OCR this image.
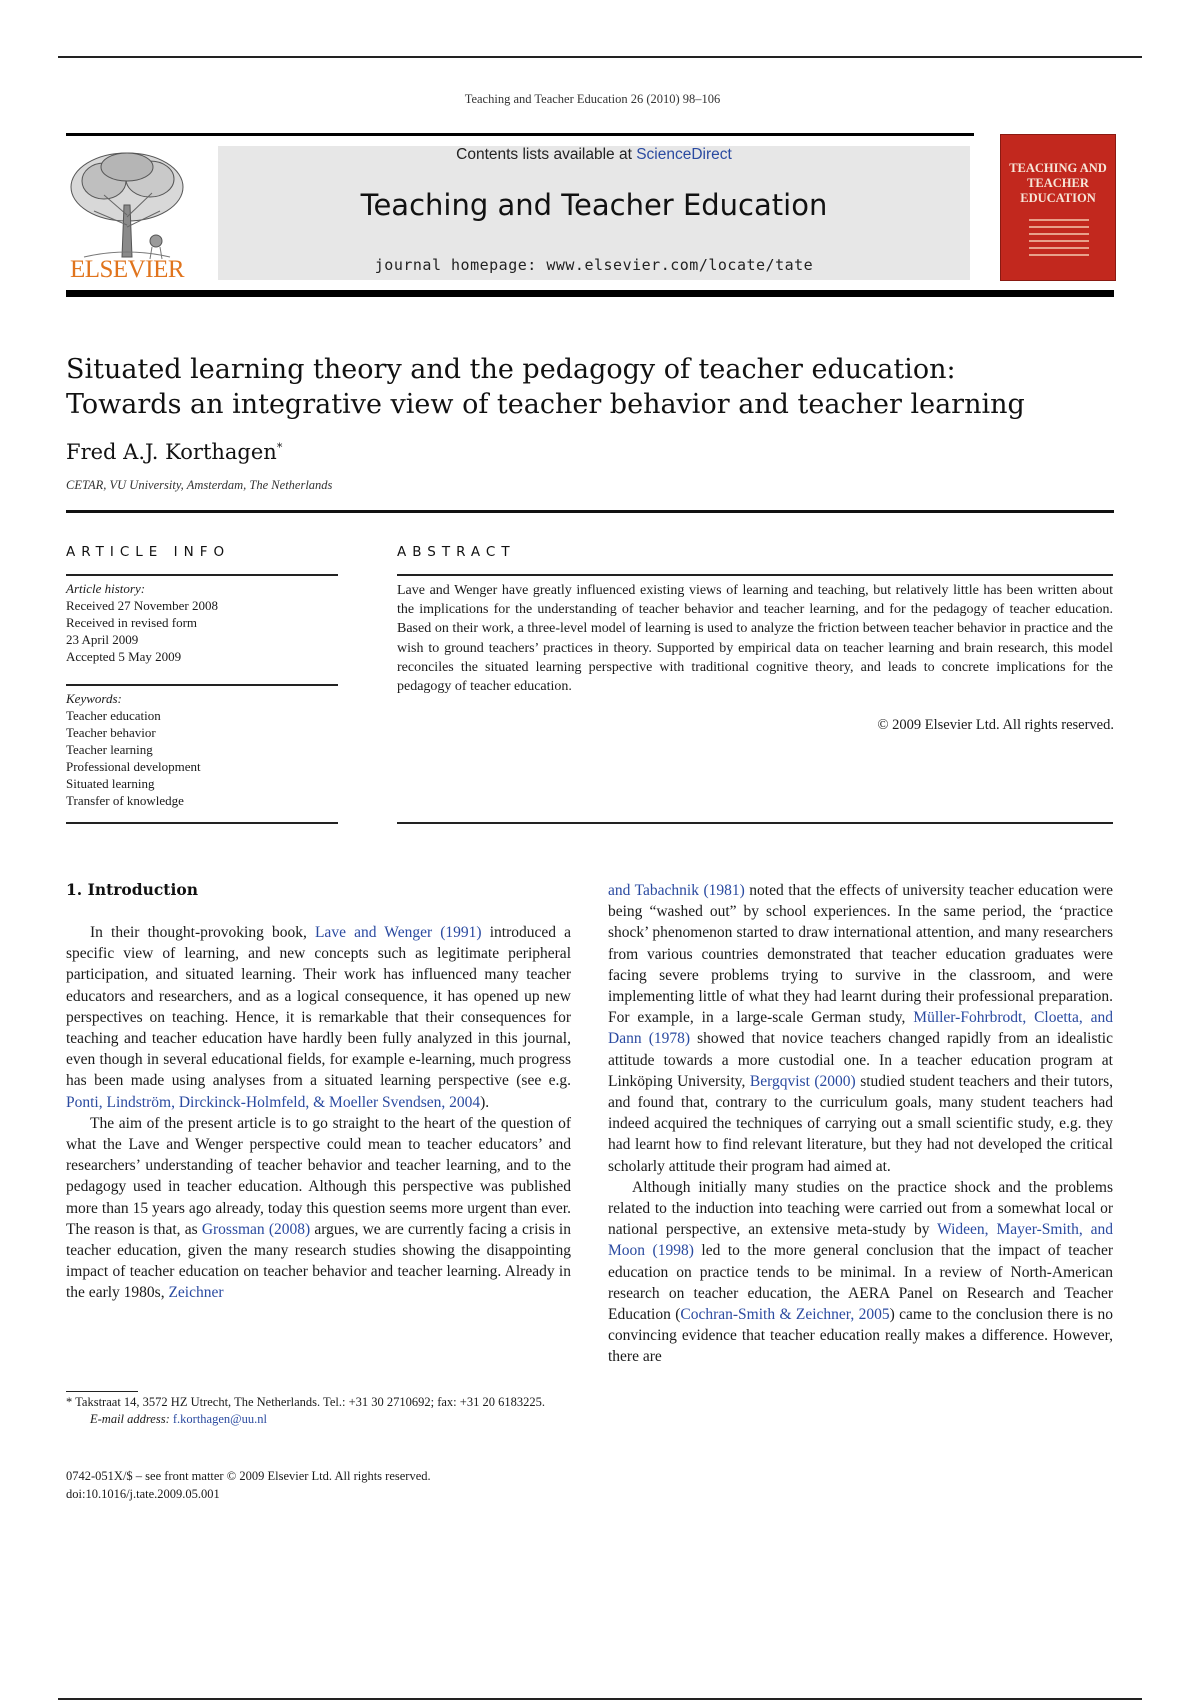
Teaching and Teacher Education 26 (2010) 98–106
ELSEVIER
Contents lists available at ScienceDirect
Teaching and Teacher Education
journal homepage: www.elsevier.com/locate/tate
TEACHING AND TEACHER EDUCATION
Situated learning theory and the pedagogy of teacher education: Towards an integrative view of teacher behavior and teacher learning
Fred A.J. Korthagen*
CETAR, VU University, Amsterdam, The Netherlands
ARTICLE INFO
Article history:
Received 27 November 2008
Received in revised form
23 April 2009
Accepted 5 May 2009
Keywords:
Teacher education
Teacher behavior
Teacher learning
Professional development
Situated learning
Transfer of knowledge
ABSTRACT
Lave and Wenger have greatly influenced existing views of learning and teaching, but relatively little has been written about the implications for the understanding of teacher behavior and teacher learning, and for the pedagogy of teacher education. Based on their work, a three-level model of learning is used to analyze the friction between teacher behavior in practice and the wish to ground teachers’ practices in theory. Supported by empirical data on teacher learning and brain research, this model reconciles the situated learning perspective with traditional cognitive theory, and leads to concrete implications for the pedagogy of teacher education.
© 2009 Elsevier Ltd. All rights reserved.
1. Introduction

In their thought-provoking book, Lave and Wenger (1991) introduced a specific view of learning, and new concepts such as legitimate peripheral participation, and situated learning. Their work has influenced many teacher educators and researchers, and as a logical consequence, it has opened up new perspectives on teaching. Hence, it is remarkable that their consequences for teaching and teacher education have hardly been fully analyzed in this journal, even though in several educational fields, for example e-learning, much progress has been made using analyses from a situated learning perspective (see e.g. Ponti, Lindström, Dirckinck-Holmfeld, & Moeller Svendsen, 2004).

The aim of the present article is to go straight to the heart of the question of what the Lave and Wenger perspective could mean to teacher educators’ and researchers’ understanding of teacher behavior and teacher learning, and to the pedagogy used in teacher education. Although this perspective was published more than 15 years ago already, today this question seems more urgent than ever. The reason is that, as Grossman (2008) argues, we are currently facing a crisis in teacher education, given the many research studies showing the disappointing impact of teacher education on teacher behavior and teacher learning. Already in the early 1980s, Zeichner

and Tabachnik (1981) noted that the effects of university teacher education were being “washed out” by school experiences. In the same period, the ‘practice shock’ phenomenon started to draw international attention, and many researchers from various countries demonstrated that teacher education graduates were facing severe problems trying to survive in the classroom, and were implementing little of what they had learnt during their professional preparation. For example, in a large-scale German study, Müller-Fohrbrodt, Cloetta, and Dann (1978) showed that novice teachers changed rapidly from an idealistic attitude towards a more custodial one. In a teacher education program at Linköping University, Bergqvist (2000) studied student teachers and their tutors, and found that, contrary to the curriculum goals, many student teachers had indeed acquired the techniques of carrying out a small scientific study, e.g. they had learnt how to find relevant literature, but they had not developed the critical scholarly attitude their program had aimed at.

Although initially many studies on the practice shock and the problems related to the induction into teaching were carried out from a somewhat local or national perspective, an extensive meta-study by Wideen, Mayer-Smith, and Moon (1998) led to the more general conclusion that the impact of teacher education on practice tends to be minimal. In a review of North-American research on teacher education, the AERA Panel on Research and Teacher Education (Cochran-Smith & Zeichner, 2005) came to the conclusion there is no convincing evidence that teacher education really makes a difference. However, there are

* Takstraat 14, 3572 HZ Utrecht, The Netherlands. Tel.: +31 30 2710692; fax: +31 20 6183225.
E-mail address: f.korthagen@uu.nl
0742-051X/$ – see front matter © 2009 Elsevier Ltd. All rights reserved.
doi:10.1016/j.tate.2009.05.001
